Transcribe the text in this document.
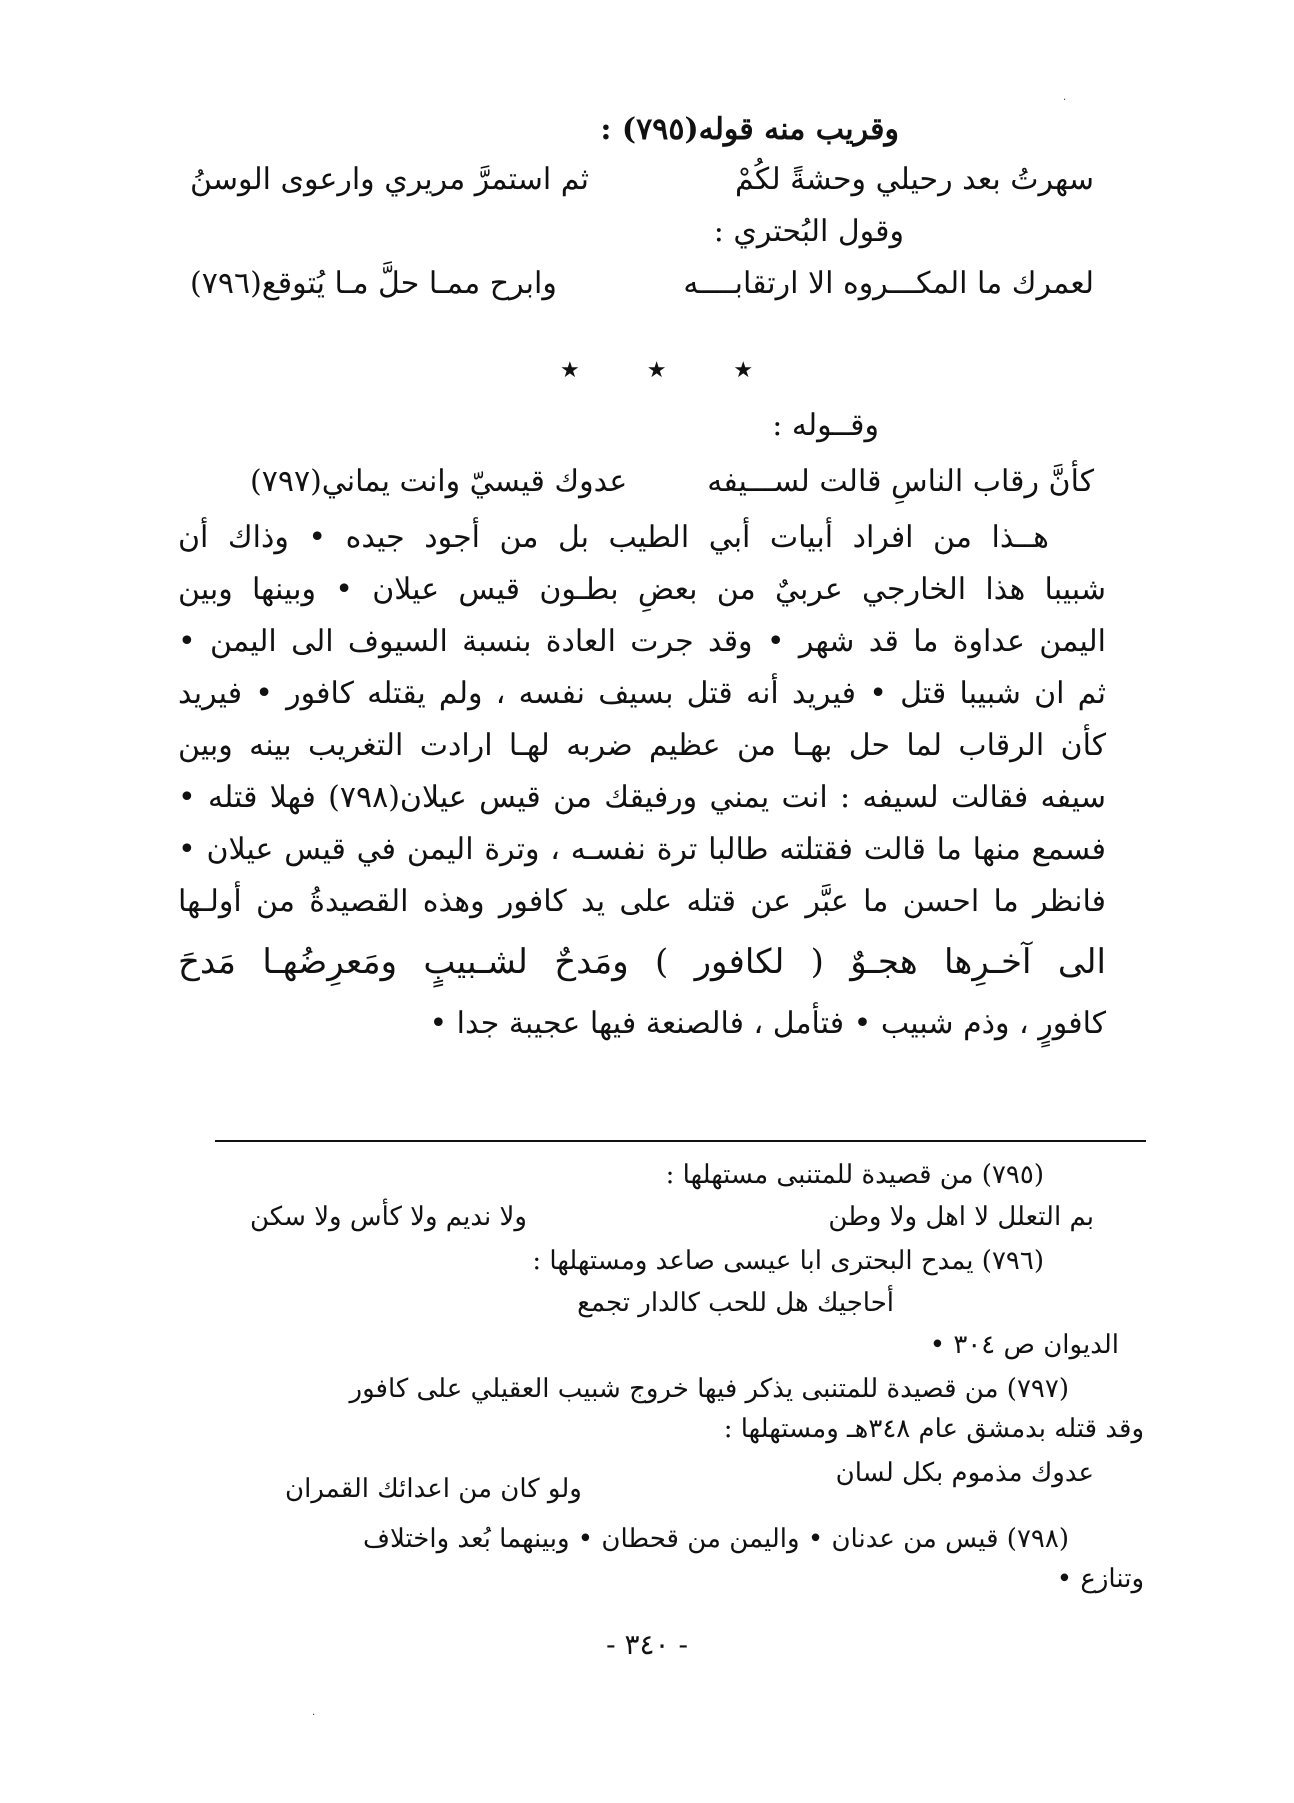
وقريب منه قوله(٧٩٥) :
سهرتُ بعد رحيلي وحشةً لكُمْ
ثم استمرَّ مريري وارعوى الوسنُ
وقول البُحتري :
لعمرك ما المكـــروه الا ارتقابــــه
وابرح ممـا حلَّ مـا يُتوقع(٧٩٦)
★ ★ ★
وقــوله :
كأنَّ رقاب الناسِ قالت لســـيفه
عدوك قيسيّ وانت يماني(٧٩٧)
هــذا من افراد أبيات أبي الطيب بل من أجود جيده • وذاك أن
شبيبا هذا الخارجي عربيٌ من بعضِ بطـون قيس عيلان • وبينها وبين
اليمن عداوة ما قد شهر • وقد جرت العادة بنسبة السيوف الى اليمن •
ثم ان شبيبا قتل • فيريد أنه قتل بسيف نفسه ، ولم يقتله كافور • فيريد
كأن الرقاب لما حل بهـا من عظيم ضربه لهـا ارادت التغريب بينه وبين
سيفه فقالت لسيفه : انت يمني ورفيقك من قيس عيلان(٧٩٨) فهلا قتله •
فسمع منها ما قالت فقتلته طالبا ترة نفسـه ، وترة اليمن في قيس عيلان •
فانظر ما احسن ما عبَّر عن قتله على يد كافور وهذه القصيدةُ من أولـها
الى آخـرِها هجـوٌ ( لكافور ) ومَدحٌ لشـبيبٍ ومَعرِضُهـا مَدحَ
كافورٍ ، وذم شبيب • فتأمل ، فالصنعة فيها عجيبة جدا •
(٧٩٥) من قصيدة للمتنبى مستهلها :
بم التعلل لا اهل ولا وطن
ولا نديم ولا كأس ولا سكن
(٧٩٦) يمدح البحترى ابا عيسى صاعد ومستهلها :
أحاجيك هل للحب كالدار تجمع
الديوان ص ٣٠٤ •
(٧٩٧) من قصيدة للمتنبى يذكر فيها خروج شبيب العقيلي على كافور
وقد قتله بدمشق عام ٣٤٨هـ ومستهلها :
عدوك مذموم بكل لسان
ولو كان من اعدائك القمران
(٧٩٨) قيس من عدنان • واليمن من قحطان • وبينهما بُعد واختلاف
وتنازع •
- ٣٤٠ -
·
·
